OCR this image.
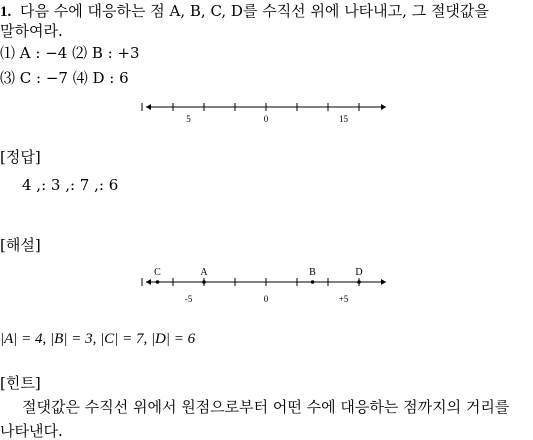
1. 다음 수에 대응하는 점 A, B, C, D를 수직선 위에 나타내고, 그 절댓값을
말하여라.
⑴ A : −4 ⑵ B : +3
⑶ C : −7 ⑷ D : 6
5	0	15
[정답]
4 ,: 3 ,: 7 ,: 6
[해설]
-5	0	+5
C	A	B	D
|A| = 4, |B| = 3, |C| = 7, |D| = 6
[힌트]
절댓값은 수직선 위에서 원점으로부터 어떤 수에 대응하는 점까지의 거리를
나타낸다.
